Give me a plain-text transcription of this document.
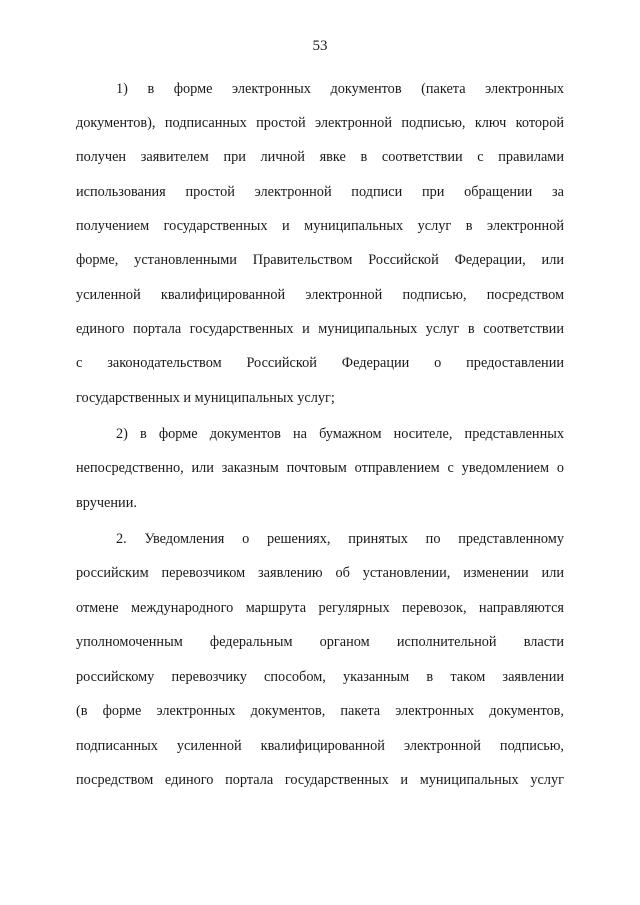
53
1) в форме электронных документов (пакета электронных
документов), подписанных простой электронной подписью, ключ которой
получен заявителем при личной явке в соответствии с правилами
использования простой электронной подписи при обращении за
получением государственных и муниципальных услуг в электронной
форме, установленными Правительством Российской Федерации, или
усиленной квалифицированной электронной подписью, посредством
единого портала государственных и муниципальных услуг в соответствии
с законодательством Российской Федерации о предоставлении
государственных и муниципальных услуг;
2) в форме документов на бумажном носителе, представленных
непосредственно, или заказным почтовым отправлением с уведомлением о
вручении.
2. Уведомления о решениях, принятых по представленному
российским перевозчиком заявлению об установлении, изменении или
отмене международного маршрута регулярных перевозок, направляются
уполномоченным федеральным органом исполнительной власти
российскому перевозчику способом, указанным в таком заявлении
(в форме электронных документов, пакета электронных документов,
подписанных усиленной квалифицированной электронной подписью,
посредством единого портала государственных и муниципальных услуг
